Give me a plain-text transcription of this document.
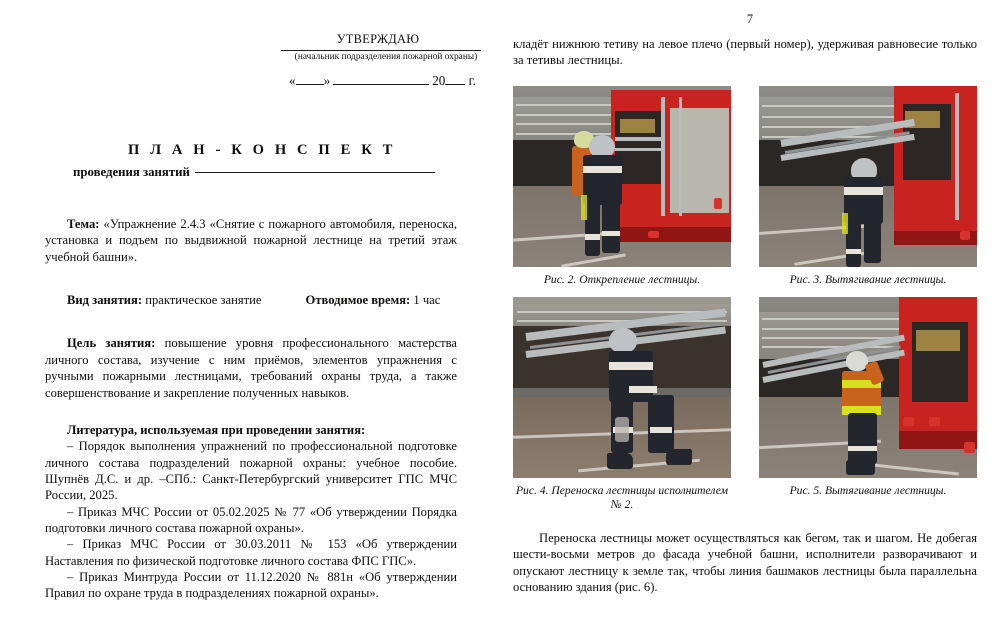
УТВЕРЖДАЮ
(начальник подразделения пожарной охраны)
« »	20 г.
П Л А Н - К О Н С П Е К Т
проведения занятий

Тема: «Упражнение 2.4.3 «Снятие с пожарного автомобиля, переноска, установка и подъем по выдвижной пожарной лестнице на третий этаж учебной башни».

Вид занятия: практическое занятие	Отводимое время: 1 час

Цель занятия: повышение уровня профессионального мастерства личного состава, изучение с ним приёмов, элементов упражнения с ручными пожарными лестницами, требований охраны труда, а также совершенствование и закрепление полученных навыков.

Литература, используемая при проведении занятия:

– Порядок выполнения упражнений по профессиональной подготовке личного состава подразделений пожарной охраны: учебное пособие. Шупнёв Д.С. и др. –СПб.: Санкт-Петербургский университет ГПС МЧС России, 2025.

– Приказ МЧС России от 05.02.2025 № 77 «Об утверждении Порядка подготовки личного состава пожарной охраны».

– Приказ МЧС России от 30.03.2011 № 153 «Об утверждении Наставления по физической подготовке личного состава ФПС ГПС».

– Приказ Минтруда России от 11.12.2020 № 881н «Об утверждении Правил по охране труда в подразделениях пожарной охраны».

7

кладёт нижнюю тетиву на левое плечо (первый номер), удерживая равновесие только за тетивы лестницы.

Рис. 2. Открепление лестницы.	Рис. 3. Вытягивание лестницы.
Рис. 4. Переноска лестницы исполнителем № 2.
Рис. 5. Вытягивание лестницы.

Переноска лестницы может осуществляться как бегом, так и шагом. Не добегая шести-восьми метров до фасада учебной башни, исполнители разворачивают и опускают лестницу к земле так, чтобы линия башмаков лестницы была параллельна основанию здания (рис. 6).
